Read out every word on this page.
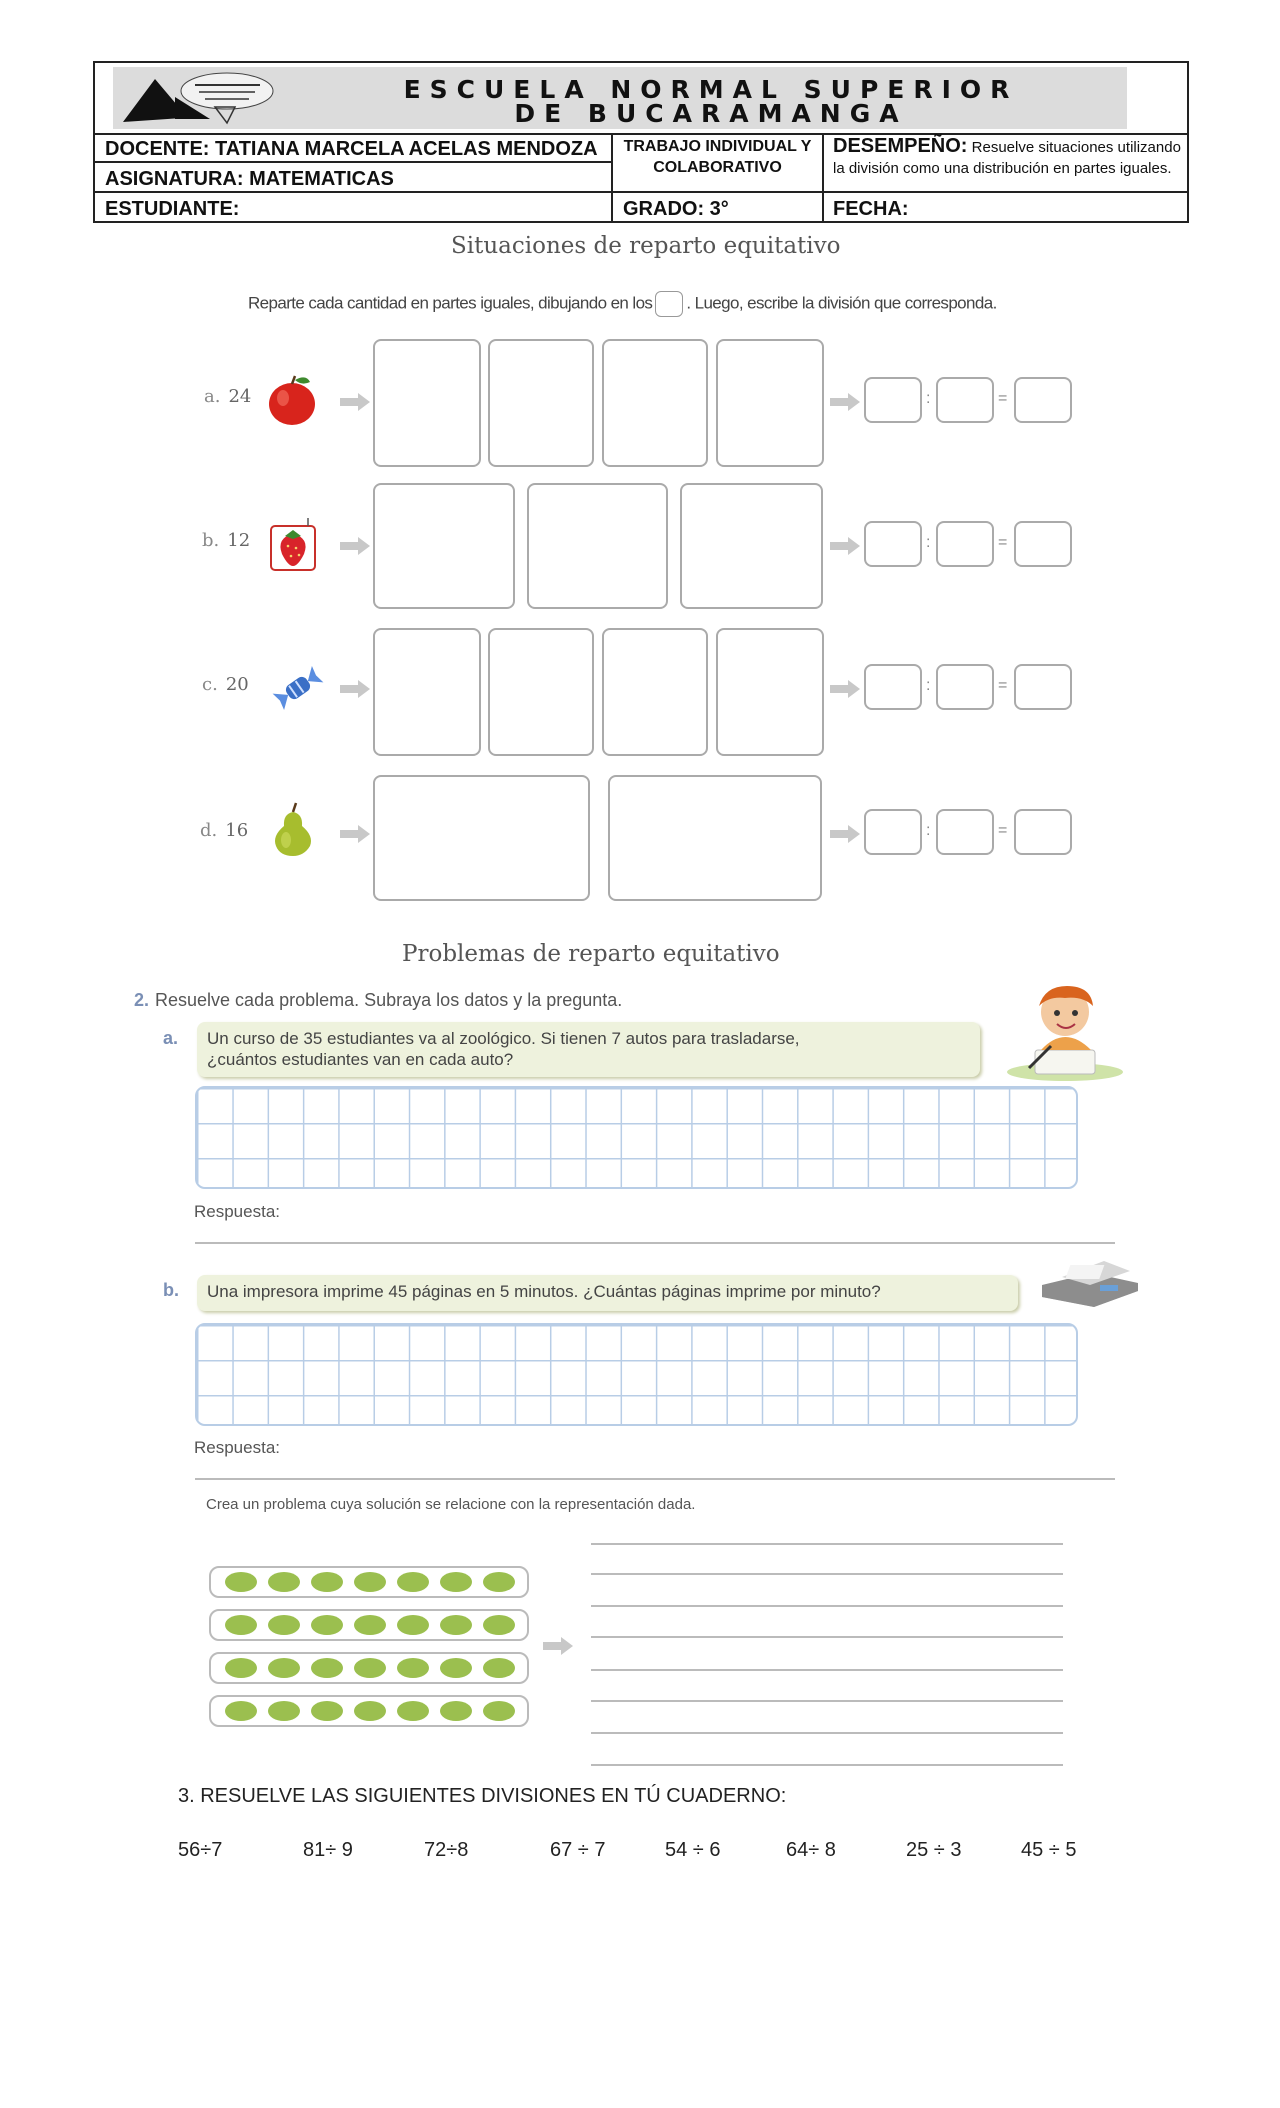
ESCUELA NORMAL SUPERIOR
DE BUCARAMANGA
DOCENTE: TATIANA MARCELA ACELAS MENDOZA
ASIGNATURA: MATEMATICAS
ESTUDIANTE:
TRABAJO INDIVIDUAL Y
COLABORATIVO
GRADO: 3°
DESEMPEÑO: Resuelve situaciones utilizando
la división como una distribución en partes iguales.
FECHA:
Situaciones de reparto equitativo
Reparte cada cantidad en partes iguales, dibujando en los . Luego, escribe la división que corresponda.
a. 24	:	=
b. 12	:	=
c. 20	:	=
d. 16	:	=
Problemas de reparto equitativo
2. Resuelve cada problema. Subraya los datos y la pregunta.
a. Un curso de 35 estudiantes va al zoológico. Si tienen 7 autos para trasladarse,
¿cuántos estudiantes van en cada auto?
Respuesta:
b. Una impresora imprime 45 páginas en 5 minutos. ¿Cuántas páginas imprime por minuto?
Respuesta:
Crea un problema cuya solución se relacione con la representación dada.
3. RESUELVE LAS SIGUIENTES DIVISIONES EN TÚ CUADERNO:
56÷7	81÷ 9	72÷8	67 ÷ 7	54 ÷ 6	64÷ 8	25 ÷ 3	45 ÷ 5
